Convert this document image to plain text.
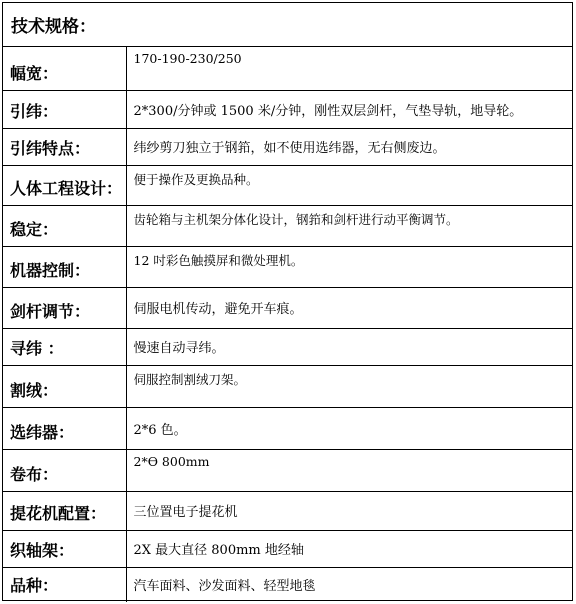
技术规格：	
幅宽：	170-190-230/250
引纬：	2*300/分钟或 1500 米/分钟，刚性双层剑杆，气垫导轨，地导轮。
引纬特点：	纬纱剪刀独立于钢筘，如不使用选纬器，无右侧废边。
人体工程设计：	便于操作及更换品种。
稳定：	齿轮箱与主机架分体化设计，钢筘和剑杆进行动平衡调节。
机器控制：	12 吋彩色触摸屏和微处理机。
剑杆调节：	伺服电机传动，避免开车痕。
寻纬 ：	慢速自动寻纬。
割绒：	伺服控制割绒刀架。
选纬器：	2*6 色。
卷布：	2*Ө 800mm
提花机配置：	三位置电子提花机
织轴架：	2X 最大直径 800mm 地经轴
品种：	汽车面料、沙发面料、轻型地毯
